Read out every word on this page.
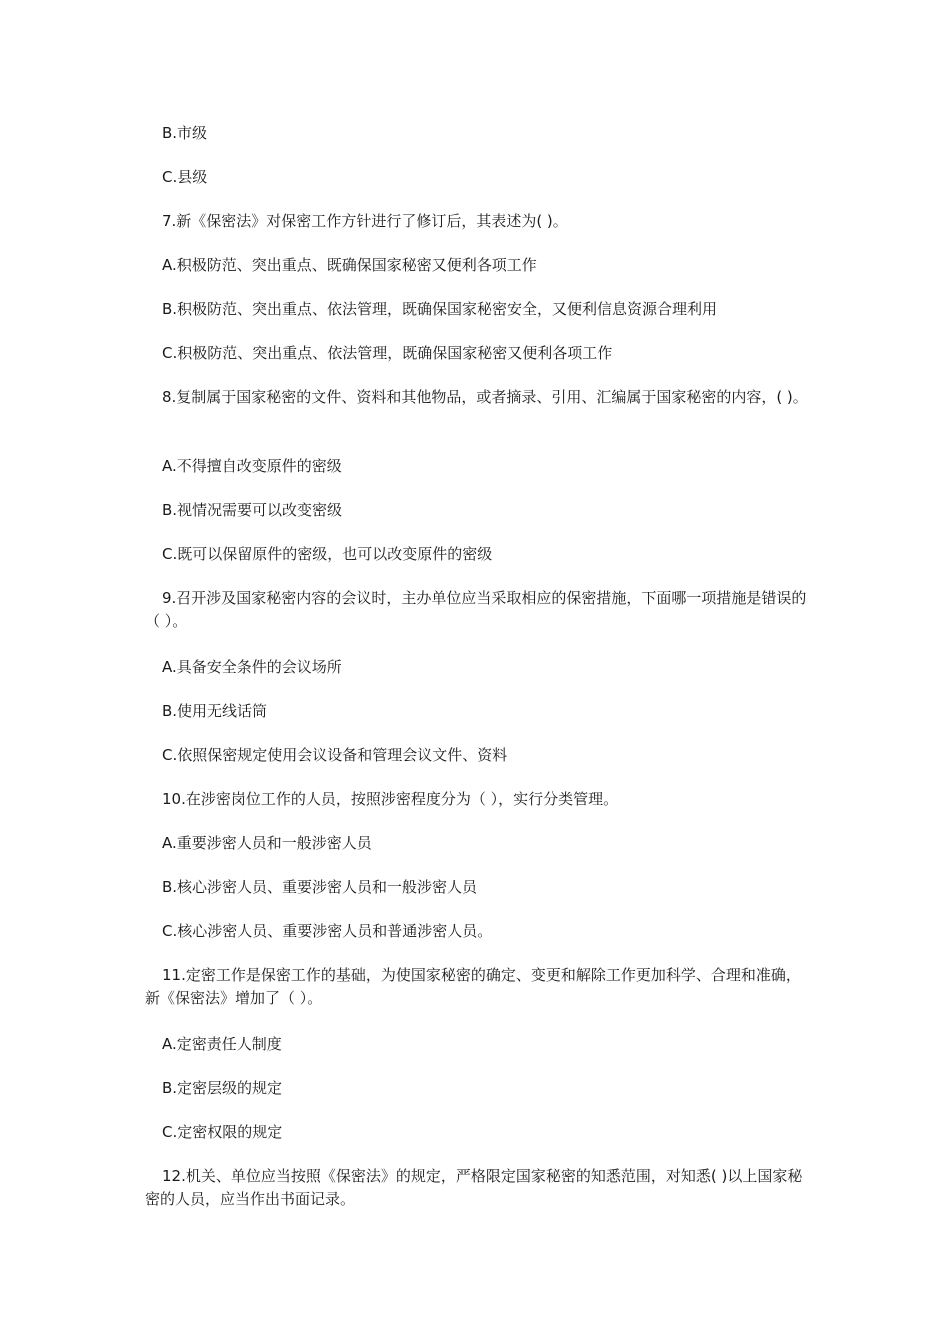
B.市级
C.县级
7.新《保密法》对保密工作方针进行了修订后，其表述为( )。
A.积极防范、突出重点、既确保国家秘密又便利各项工作
B.积极防范、突出重点、依法管理，既确保国家秘密安全，又便利信息资源合理利用
C.积极防范、突出重点、依法管理，既确保国家秘密又便利各项工作
8.复制属于国家秘密的文件、资料和其他物品，或者摘录、引用、汇编属于国家秘密的内容，( )。
A.不得擅自改变原件的密级
B.视情况需要可以改变密级
C.既可以保留原件的密级，也可以改变原件的密级
9.召开涉及国家秘密内容的会议时，主办单位应当采取相应的保密措施，下面哪一项措施是错误的（ ）。
A.具备安全条件的会议场所
B.使用无线话筒
C.依照保密规定使用会议设备和管理会议文件、资料
10.在涉密岗位工作的人员，按照涉密程度分为（ ），实行分类管理。
A.重要涉密人员和一般涉密人员
B.核心涉密人员、重要涉密人员和一般涉密人员
C.核心涉密人员、重要涉密人员和普通涉密人员。
11.定密工作是保密工作的基础，为使国家秘密的确定、变更和解除工作更加科学、合理和准确，新《保密法》增加了（ ）。
A.定密责任人制度
B.定密层级的规定
C.定密权限的规定
12.机关、单位应当按照《保密法》的规定，严格限定国家秘密的知悉范围，对知悉( )以上国家秘密的人员，应当作出书面记录。
